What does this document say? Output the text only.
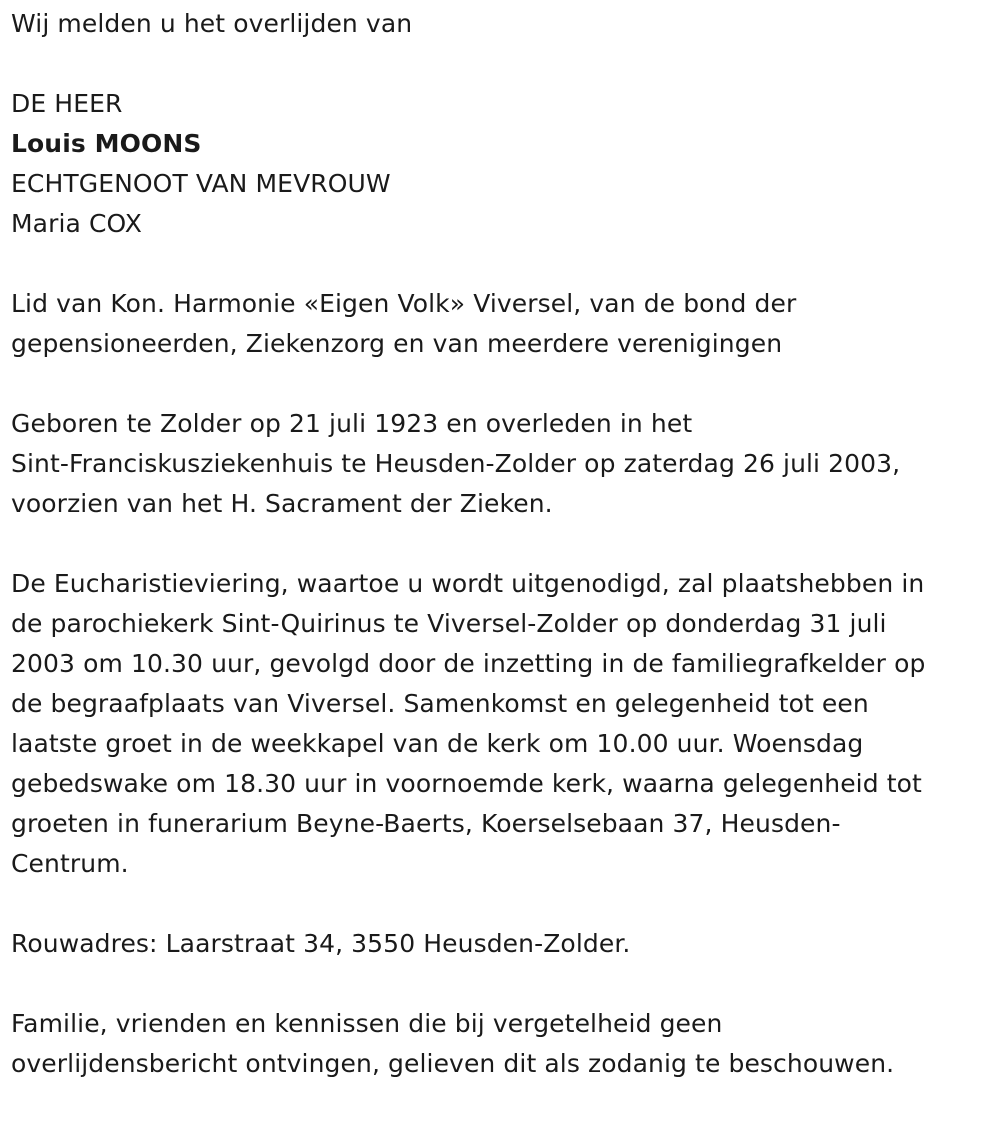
Wij melden u het overlijden van
DE HEER
Louis MOONS
ECHTGENOOT VAN MEVROUW
Maria COX
Lid van Kon. Harmonie «Eigen Volk» Viversel, van de bond der
gepensioneerden, Ziekenzorg en van meerdere verenigingen
Geboren te Zolder op 21 juli 1923 en overleden in het
Sint-Franciskusziekenhuis te Heusden-Zolder op zaterdag 26 juli 2003,
voorzien van het H. Sacrament der Zieken.
De Eucharistieviering, waartoe u wordt uitgenodigd, zal plaatshebben in
de parochiekerk Sint-Quirinus te Viversel-Zolder op donderdag 31 juli
2003 om 10.30 uur, gevolgd door de inzetting in de familiegrafkelder op
de begraafplaats van Viversel. Samenkomst en gelegenheid tot een
laatste groet in de weekkapel van de kerk om 10.00 uur. Woensdag
gebedswake om 18.30 uur in voornoemde kerk, waarna gelegenheid tot
groeten in funerarium Beyne-Baerts, Koerselsebaan 37, Heusden-
Centrum.
Rouwadres: Laarstraat 34, 3550 Heusden-Zolder.
Familie, vrienden en kennissen die bij vergetelheid geen
overlijdensbericht ontvingen, gelieven dit als zodanig te beschouwen.
